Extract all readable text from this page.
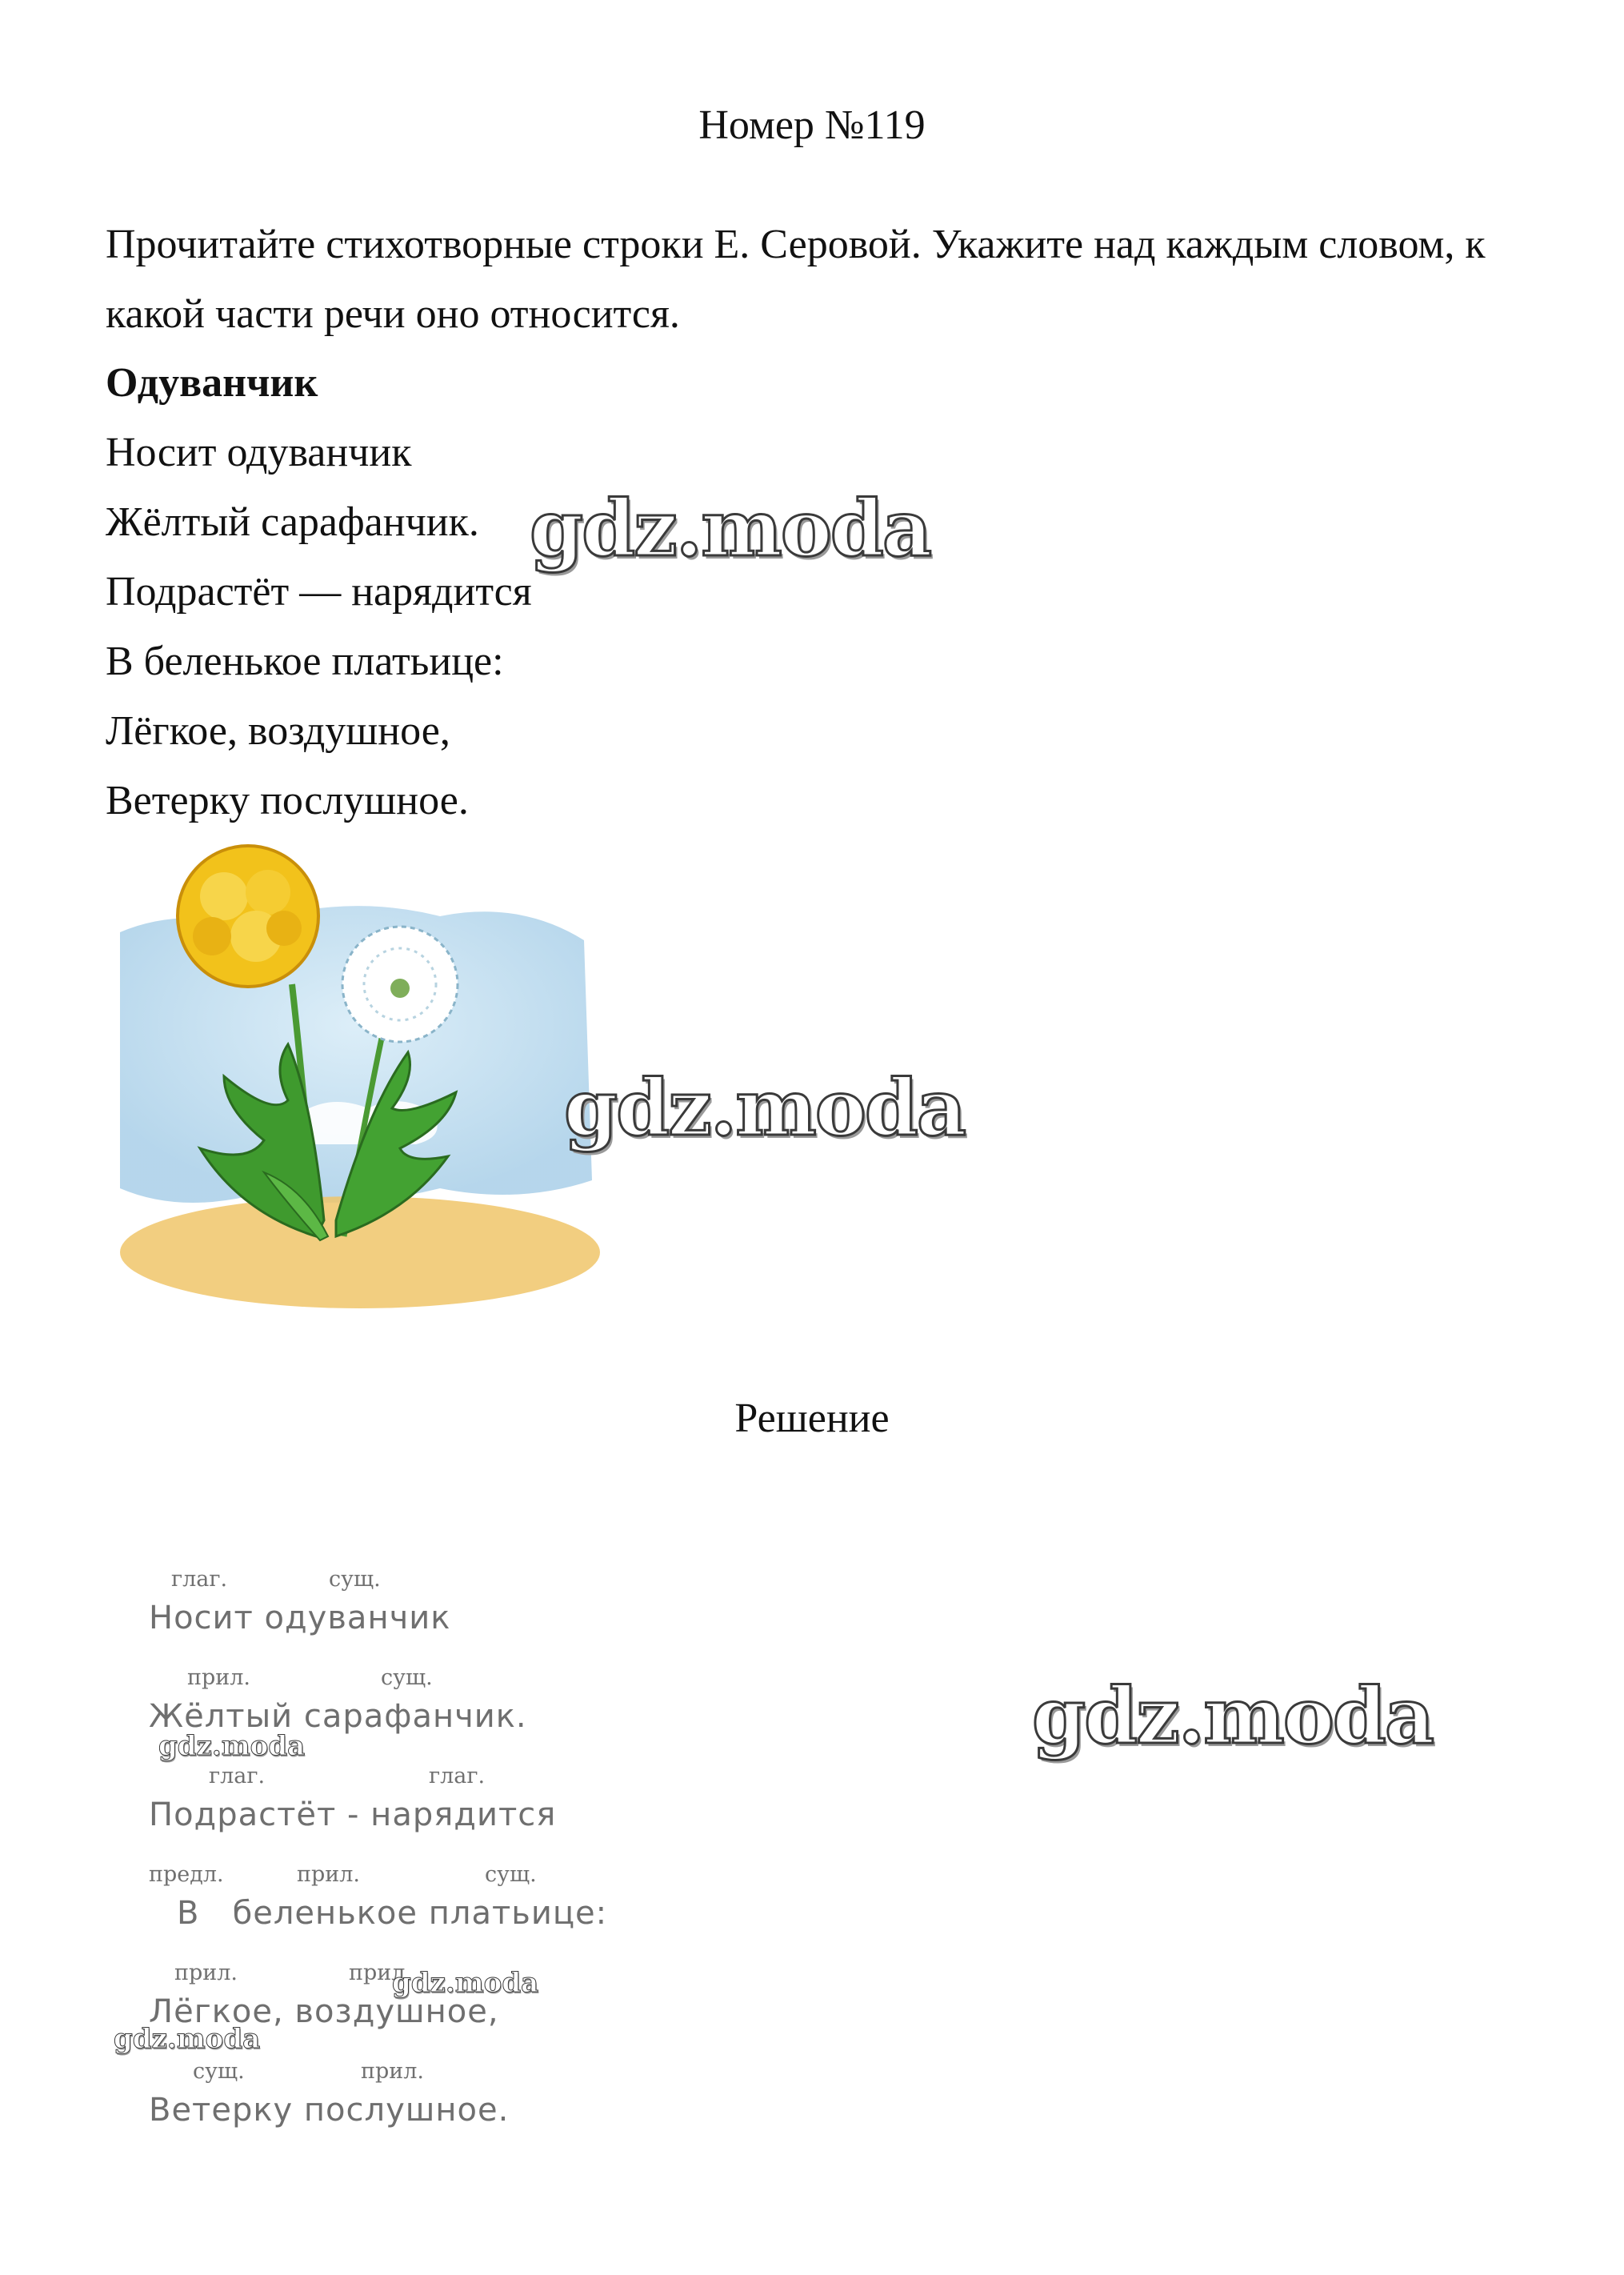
Номер №119
Прочитайте стихотворные строки Е. Серовой. Укажите над каждым словом, к какой части речи оно относится.
Одуванчик
Носит одуванчик
Жёлтый сарафанчик.
Подрастёт — нарядится
В беленькое платьице:
Лёгкое, воздушное,
Ветерку послушное.
gdz.moda
gdz.moda
Решение
глаг.	сущ.
Носит одуванчик
прил.	сущ.
Жёлтый сарафанчик.
глаг.	глаг.
Подрастёт - нарядится
предл.	прил.	сущ.
В   беленькое платьице:
прил.	прил.
Лёгкое, воздушное,
сущ.	прил.
Ветерку послушное.
gdz.moda
gdz.moda
gdz.moda
gdz.moda
